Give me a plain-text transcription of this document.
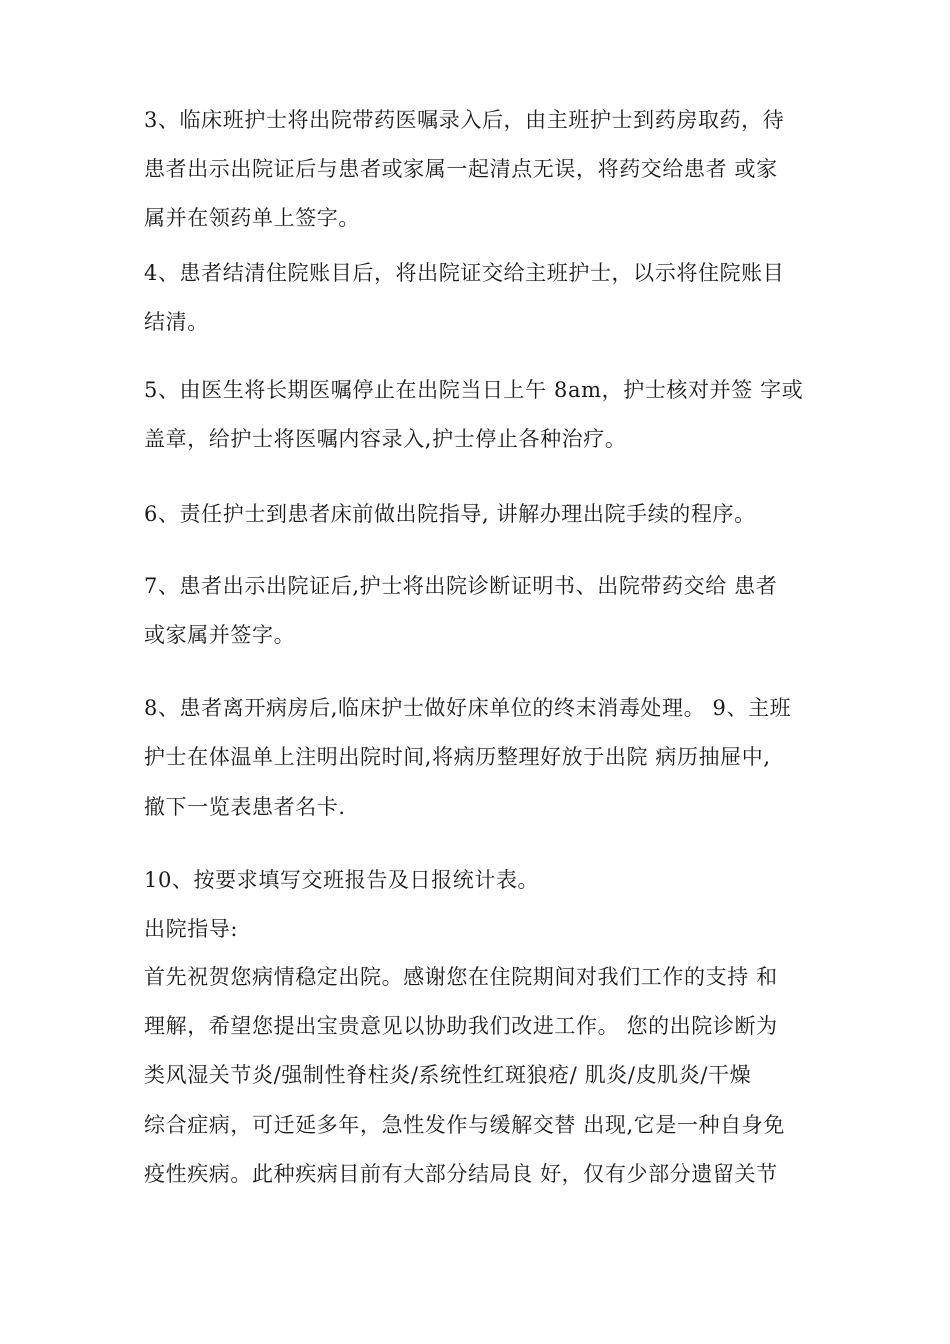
3、临床班护士将出院带药医嘱录入后，由主班护士到药房取药，待
患者出示出院证后与患者或家属一起清点无误，将药交给患者 或家
属并在领药单上签字。
4、患者结清住院账目后，将出院证交给主班护士，以示将住院账目
结清。
5、由医生将长期医嘱停止在出院当日上午 8am，护士核对并签 字或
盖章，给护士将医嘱内容录入,护士停止各种治疗。
6、责任护士到患者床前做出院指导, 讲解办理出院手续的程序。
7、患者出示出院证后,护士将出院诊断证明书、出院带药交给 患者
或家属并签字。
8、患者离开病房后,临床护士做好床单位的终末消毒处理。 9、主班
护士在体温单上注明出院时间,将病历整理好放于出院 病历抽屉中,
撤下一览表患者名卡.
10、按要求填写交班报告及日报统计表。
出院指导:
首先祝贺您病情稳定出院。感谢您在住院期间对我们工作的支持 和
理解，希望您提出宝贵意见以协助我们改进工作。 您的出院诊断为
类风湿关节炎/强制性脊柱炎/系统性红斑狼疮/ 肌炎/皮肌炎/干燥
综合症病，可迁延多年，急性发作与缓解交替 出现,它是一种自身免
疫性疾病。此种疾病目前有大部分结局良 好，仅有少部分遗留关节
